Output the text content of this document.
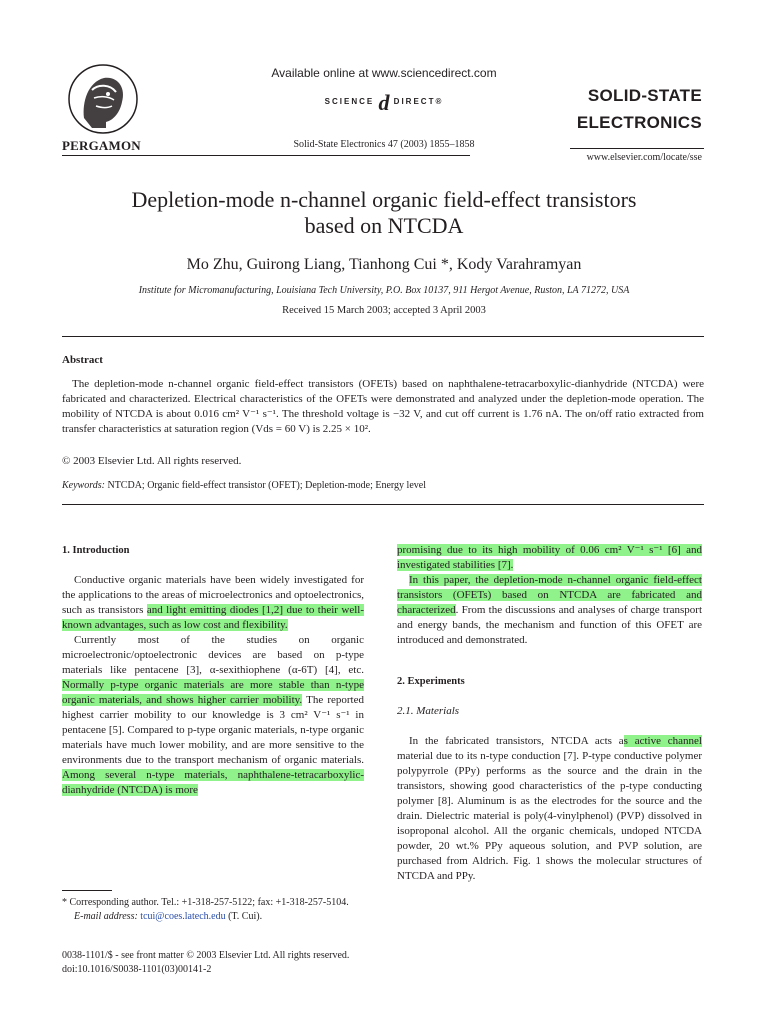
PERGAMON
Available online at www.sciencedirect.com
SCIENCE d DIRECT®
Solid-State Electronics 47 (2003) 1855–1858
SOLID-STATE
ELECTRONICS
www.elsevier.com/locate/sse
Depletion-mode n-channel organic field-effect transistors
based on NTCDA
Mo Zhu, Guirong Liang, Tianhong Cui *, Kody Varahramyan
Institute for Micromanufacturing, Louisiana Tech University, P.O. Box 10137, 911 Hergot Avenue, Ruston, LA 71272, USA
Received 15 March 2003; accepted 3 April 2003
Abstract
The depletion-mode n-channel organic field-effect transistors (OFETs) based on naphthalene-tetracarboxylic-dianhydride (NTCDA) were fabricated and characterized. Electrical characteristics of the OFETs were demonstrated and analyzed under the depletion-mode operation. The mobility of NTCDA is about 0.016 cm² V⁻¹ s⁻¹. The threshold voltage is −32 V, and cut off current is 1.76 nA. The on/off ratio extracted from transfer characteristics at saturation region (Vds = 60 V) is 2.25 × 10².
© 2003 Elsevier Ltd. All rights reserved.
Keywords: NTCDA; Organic field-effect transistor (OFET); Depletion-mode; Energy level
1. Introduction
Conductive organic materials have been widely investigated for the applications to the areas of microelectronics and optoelectronics, such as transistors and light emitting diodes [1,2] due to their well-known advantages, such as low cost and flexibility.
Currently most of the studies on organic microelectronic/optoelectronic devices are based on p-type materials like pentacene [3], α-sexithiophene (α-6T) [4], etc. Normally p-type organic materials are more stable than n-type organic materials, and shows higher carrier mobility. The reported highest carrier mobility to our knowledge is 3 cm² V⁻¹ s⁻¹ in pentacene [5]. Compared to p-type organic materials, n-type organic materials have much lower mobility, and are more sensitive to the environments due to the transport mechanism of organic materials. Among several n-type materials, naphthalene-tetracarboxylic-dianhydride (NTCDA) is more
* Corresponding author. Tel.: +1-318-257-5122; fax: +1-318-257-5104.
E-mail address: tcui@coes.latech.edu (T. Cui).
0038-1101/$ - see front matter © 2003 Elsevier Ltd. All rights reserved.
doi:10.1016/S0038-1101(03)00141-2
promising due to its high mobility of 0.06 cm² V⁻¹ s⁻¹ [6] and investigated stabilities [7].
In this paper, the depletion-mode n-channel organic field-effect transistors (OFETs) based on NTCDA are fabricated and characterized. From the discussions and analyses of charge transport and energy bands, the mechanism and function of this OFET are introduced and demonstrated.
2. Experiments
2.1. Materials
In the fabricated transistors, NTCDA acts as active channel material due to its n-type conduction [7]. P-type conductive polymer polypyrrole (PPy) performs as the source and the drain in the transistors, showing good characteristics of the p-type conducting polymer [8]. Aluminum is as the electrodes for the source and the drain. Dielectric material is poly(4-vinylphenol) (PVP) dissolved in isoproponal alcohol. All the organic chemicals, undoped NTCDA powder, 20 wt.% PPy aqueous solution, and PVP solution, are purchased from Aldrich. Fig. 1 shows the molecular structures of NTCDA and PPy.
